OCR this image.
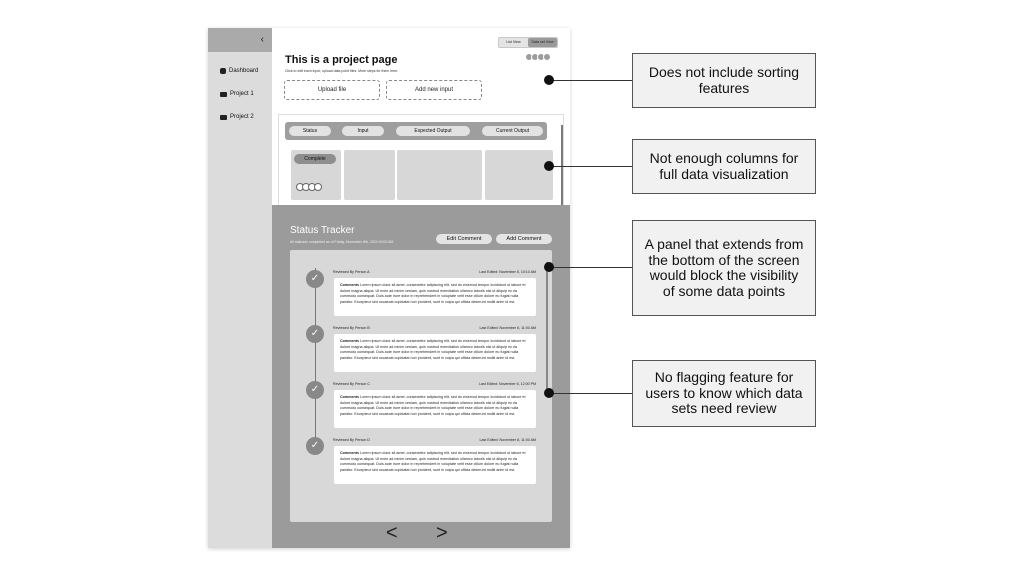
‹
Dashboard
Project 1
Project 2
List View	Data set View
This is a project page
Click to edit each input, upload data point files. More steps for them here.
Upload file	Add new input
Status	Input	Expected Output	Current Output
Complete
Status Tracker
All statuses completed as of Friday, November 8th, 2024 00:00 AM	Edit Comment	Add Comment
✓
Reviewed By Person A	Last Edited: November 5, 10:10 AM
Comments Lorem ipsum dolor sit amet, consectetur adipiscing elit, sed do eiusmod tempor incididunt ut labore et dolore magna aliqua. Ut enim ad minim veniam, quis nostrud exercitation ullamco laboris nisi ut aliquip ex ea commodo consequat. Duis aute irure dolor in reprehenderit in voluptate velit esse cillum dolore eu fugiat nulla pariatur. Excepteur sint occaecat cupidatat non proident, sunt in culpa qui officia deserunt mollit anim id est.
✓	Reviewed By Person B	Last Edited: November 6, 11:00 AM
Comments Lorem ipsum dolor sit amet, consectetur adipiscing elit, sed do eiusmod tempor incididunt ut labore et dolore magna aliqua. Ut enim ad minim veniam, quis nostrud exercitation ullamco laboris nisi ut aliquip ex ea commodo consequat. Duis aute irure dolor in reprehenderit in voluptate velit esse cillum dolore eu fugiat nulla pariatur. Excepteur sint occaecat cupidatat non proident, sunt in culpa qui officia deserunt mollit anim id est.
✓	Reviewed By Person C	Last Edited: November 6, 12:00 PM
Comments Lorem ipsum dolor sit amet, consectetur adipiscing elit, sed do eiusmod tempor incididunt ut labore et dolore magna aliqua. Ut enim ad minim veniam, quis nostrud exercitation ullamco laboris nisi ut aliquip ex ea commodo consequat. Duis aute irure dolor in reprehenderit in voluptate velit esse cillum dolore eu fugiat nulla pariatur. Excepteur sint occaecat cupidatat non proident, sunt in culpa qui officia deserunt mollit anim id est.
✓	Reviewed By Person D	Last Edited: November 8, 11:00 AM
Comments Lorem ipsum dolor sit amet, consectetur adipiscing elit, sed do eiusmod tempor incididunt ut labore et dolore magna aliqua. Ut enim ad minim veniam, quis nostrud exercitation ullamco laboris nisi ut aliquip ex ea commodo consequat. Duis aute irure dolor in reprehenderit in voluptate velit esse cillum dolore eu fugiat nulla pariatur. Excepteur sint occaecat cupidatat non proident, sunt in culpa qui officia deserunt mollit anim id est.
< >
Does not include sorting features
Not enough columns for full data visualization
A panel that extends from the bottom of the screen would block the visibility of some data points
No flagging feature for users to know which data sets need review
